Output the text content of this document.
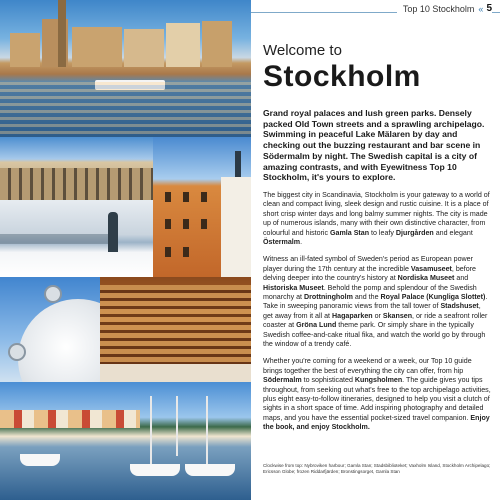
Top 10 Stockholm « 5
Welcome to
Stockholm

Grand royal palaces and lush green parks. Densely packed Old Town streets and a sprawling archipelago. Swimming in peaceful Lake Mälaren by day and checking out the buzzing restaurant and bar scene in Södermalm by night. The Swedish capital is a city of amazing contrasts, and with Eyewitness Top 10 Stockholm, it's yours to explore.

The biggest city in Scandinavia, Stockholm is your gateway to a world of clean and compact living, sleek design and rustic cuisine. It is a place of short crisp winter days and long balmy summer nights. The city is made up of numerous islands, many with their own distinctive character, from colourful and historic Gamla Stan to leafy Djurgården and elegant Östermalm.

Witness an ill-fated symbol of Sweden's period as European power player during the 17th century at the incredible Vasamuseet, before delving deeper into the country's history at Nordiska Museet and Historiska Museet. Behold the pomp and splendour of the Swedish monarchy at Drottningholm and the Royal Palace (Kungliga Slottet). Take in sweeping panoramic views from the tall tower of Stadshuset, get away from it all at Hagaparken or Skansen, or ride a seafront roller coaster at Gröna Lund theme park. Or simply share in the typically Swedish coffee-and-cake ritual fika, and watch the world go by through the window of a trendy café.

Whether you're coming for a weekend or a week, our Top 10 guide brings together the best of everything the city can offer, from hip Södermalm to sophisticated Kungsholmen. The guide gives you tips throughout, from seeking out what's free to the top archipelago activities, plus eight easy-to-follow itineraries, designed to help you visit a clutch of sights in a short space of time. Add inspiring photography and detailed maps, and you have the essential pocket-sized travel companion. Enjoy the book, and enjoy Stockholm.

Clockwise from top: Nybroviken harbour; Gamla Stan; Stadsbiblioteket; Vaxholm Island, Stockholm Archipelago; Ericsson Globe; frozen Riddarfjärden; Bronstingsorget, Gamla Stan
